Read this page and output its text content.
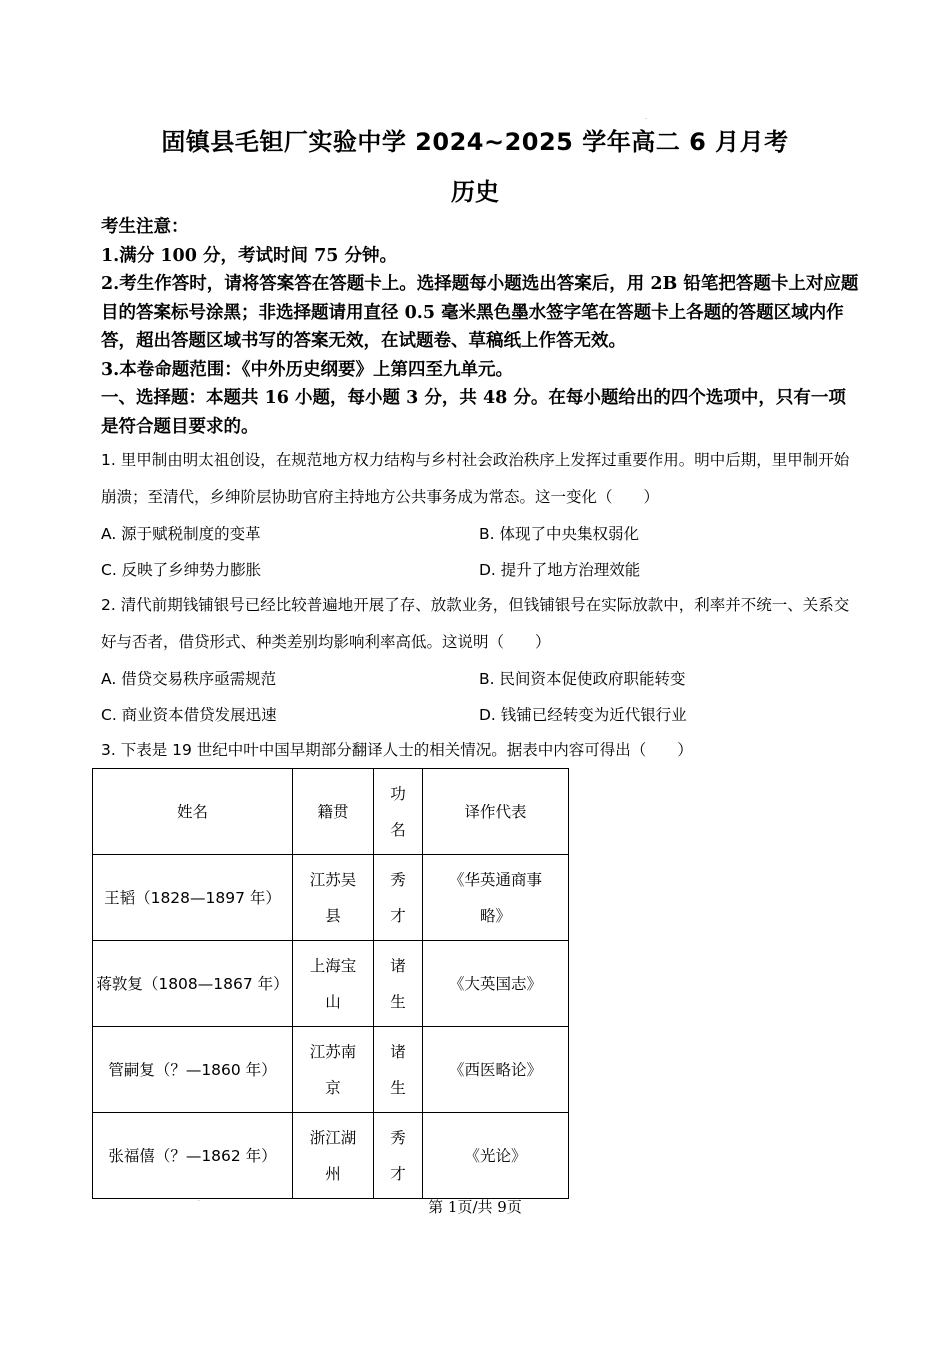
固镇县毛钽厂实验中学 2024~2025 学年高二 6 月月考
历史
考生注意：
1.满分 100 分，考试时间 75 分钟。
2.考生作答时，请将答案答在答题卡上。选择题每小题选出答案后，用 2B 铅笔把答题卡上对应题目的答案标号涂黑；非选择题请用直径 0.5 毫米黑色墨水签字笔在答题卡上各题的答题区域内作答，超出答题区域书写的答案无效，在试题卷、草稿纸上作答无效。
3.本卷命题范围：《中外历史纲要》上第四至九单元。
一、选择题：本题共 16 小题，每小题 3 分，共 48 分。在每小题给出的四个选项中，只有一项是符合题目要求的。
1. 里甲制由明太祖创设，在规范地方权力结构与乡村社会政治秩序上发挥过重要作用。明中后期，里甲制开始崩溃；至清代，乡绅阶层协助官府主持地方公共事务成为常态。这一变化（　　）
A. 源于赋税制度的变革	B. 体现了中央集权弱化
C. 反映了乡绅势力膨胀	D. 提升了地方治理效能
2. 清代前期钱铺银号已经比较普遍地开展了存、放款业务，但钱铺银号在实际放款中，利率并不统一、关系交好与否者，借贷形式、种类差别均影响利率高低。这说明（　　）
A. 借贷交易秩序亟需规范	B. 民间资本促使政府职能转变
C. 商业资本借贷发展迅速	D. 钱铺已经转变为近代银行业
3. 下表是 19 世纪中叶中国早期部分翻译人士的相关情况。据表中内容可得出（　　）
姓名	籍贯	功名	译作代表
王韬（1828—1897 年）	江苏吴县	秀才	《华英通商事略》
蒋敦复（1808—1867 年）	上海宝山	诸生	《大英国志》
管嗣复（？—1860 年）	江苏南京	诸生	《西医略论》
张福僖（？—1862 年）	浙江湖州	秀才	《光论》
第 1页/共 9页
·
·
